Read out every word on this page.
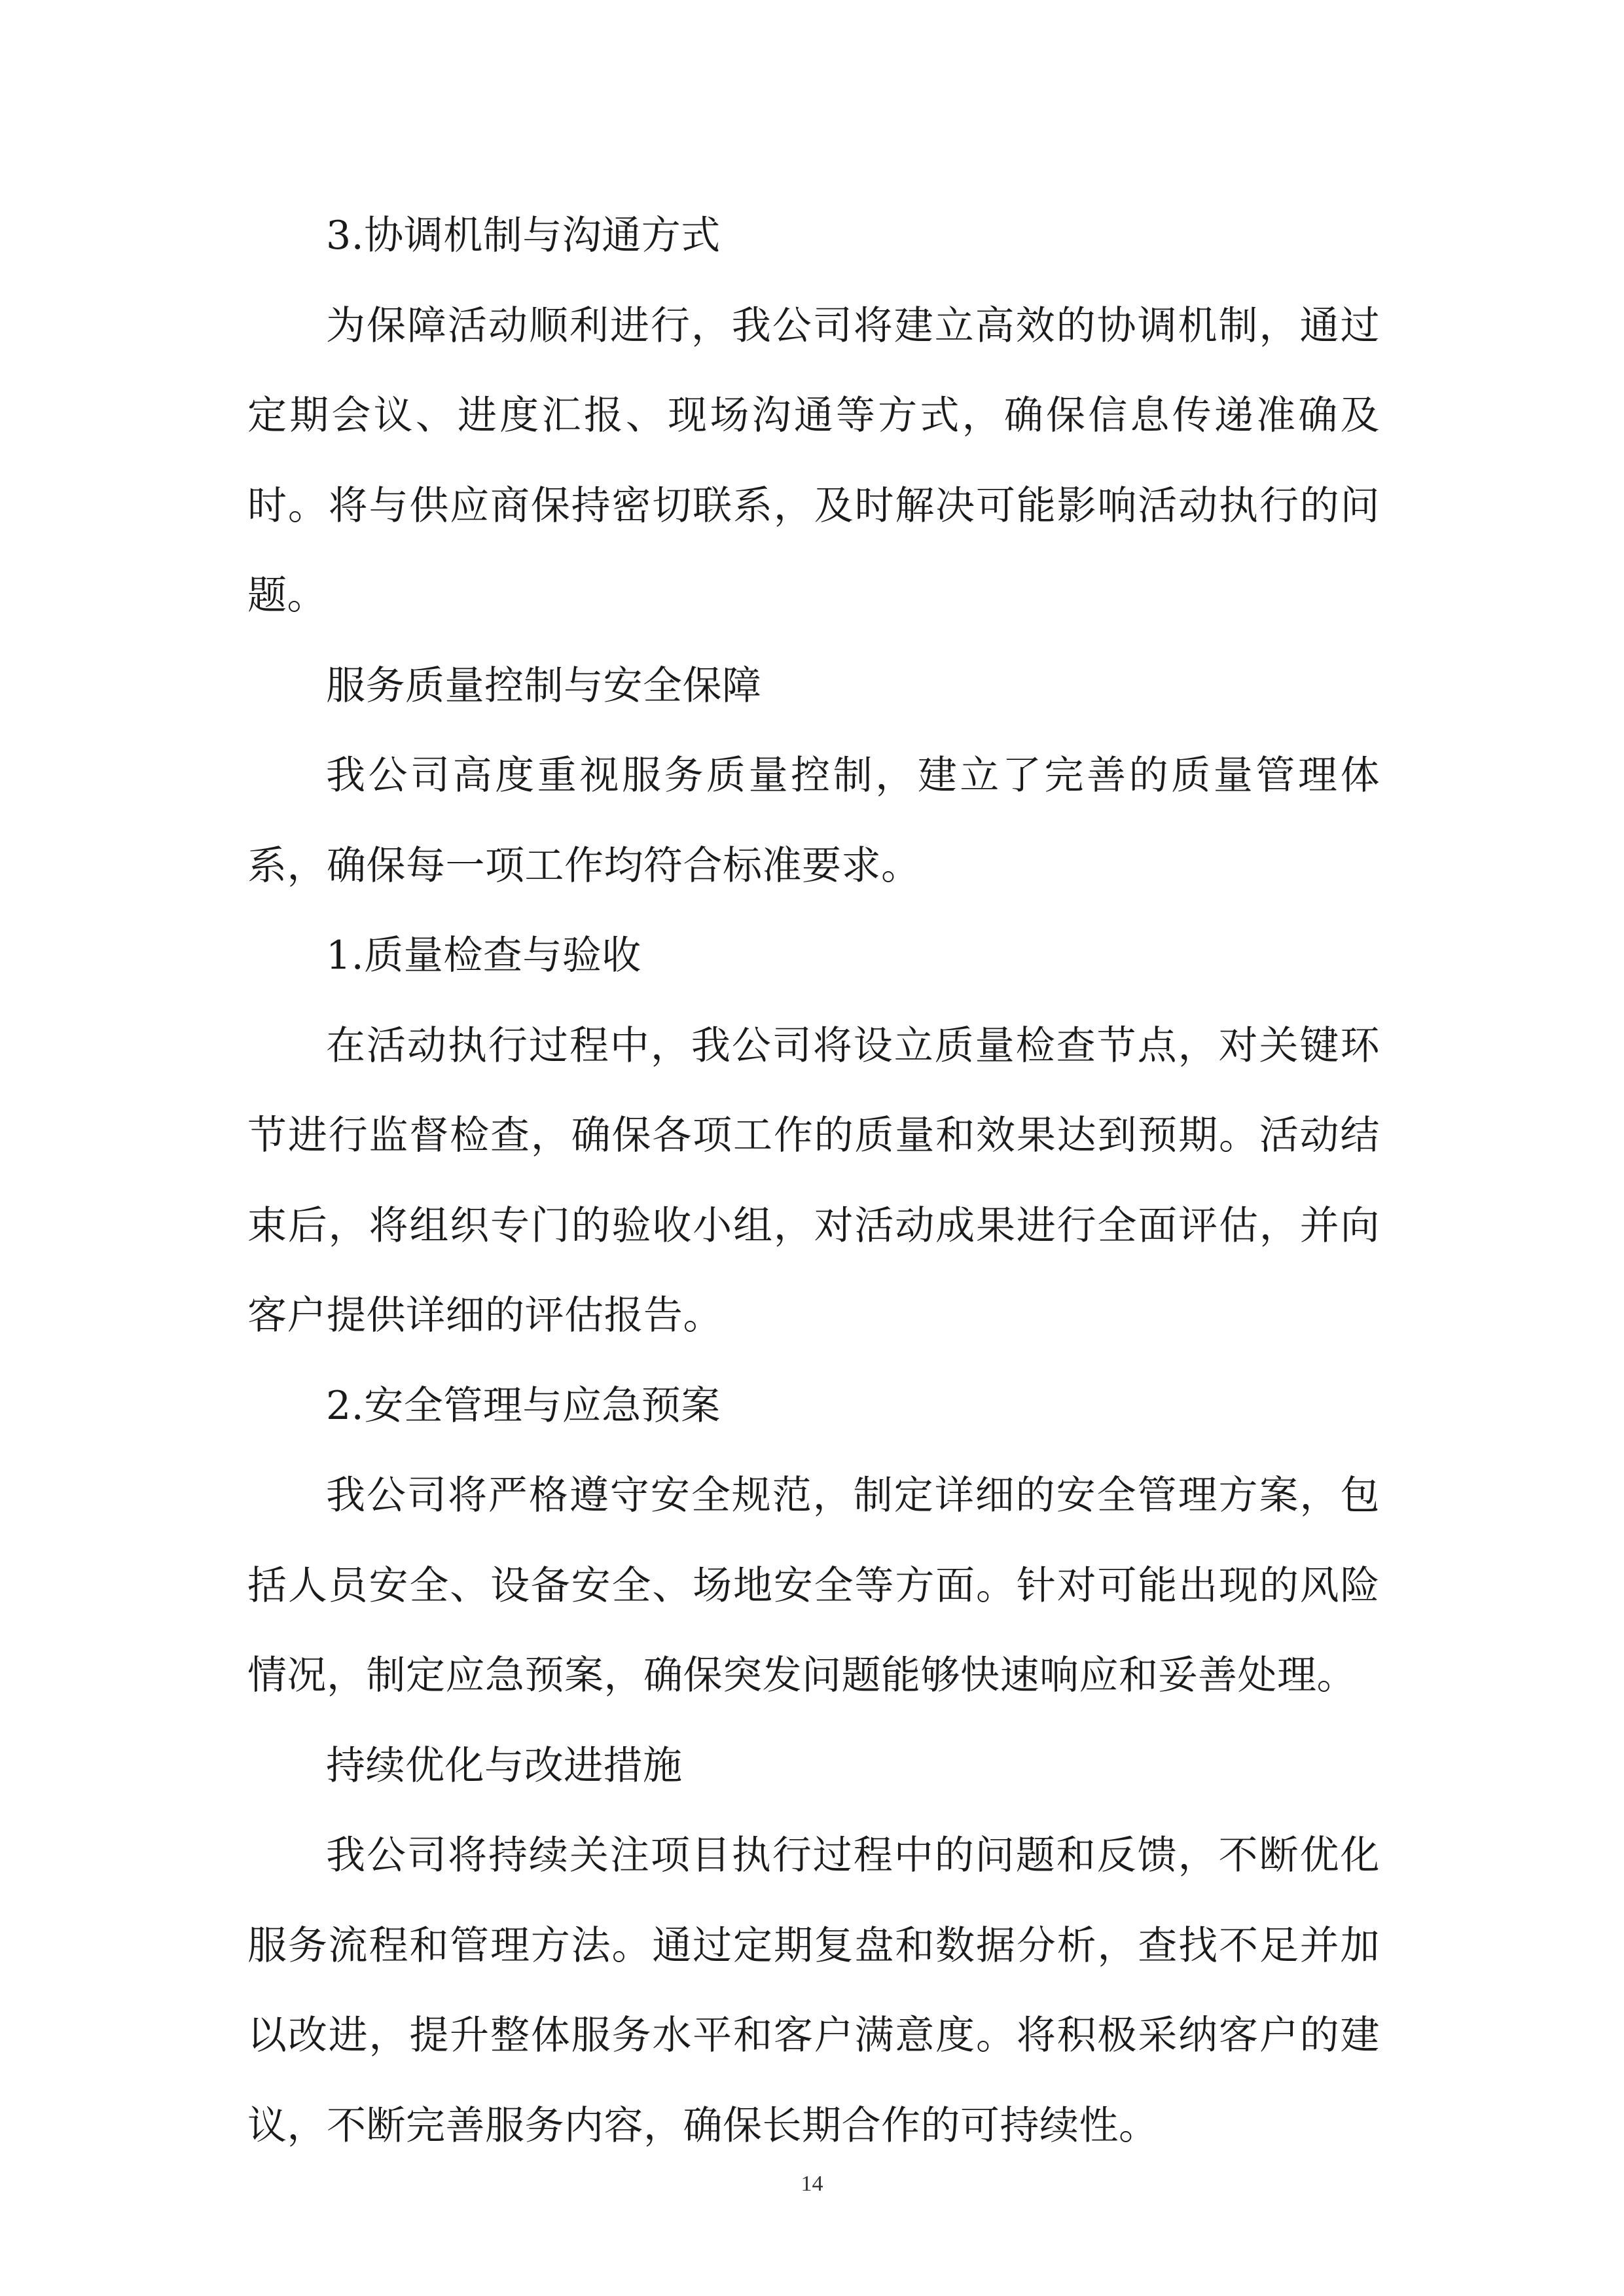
3.协调机制与沟通方式

为保障活动顺利进行，我公司将建立高效的协调机制，通过定期会议、进度汇报、现场沟通等方式，确保信息传递准确及时。将与供应商保持密切联系，及时解决可能影响活动执行的问题。

服务质量控制与安全保障

我公司高度重视服务质量控制，建立了完善的质量管理体系，确保每一项工作均符合标准要求。

1.质量检查与验收

在活动执行过程中，我公司将设立质量检查节点，对关键环节进行监督检查，确保各项工作的质量和效果达到预期。活动结束后，将组织专门的验收小组，对活动成果进行全面评估，并向客户提供详细的评估报告。

2.安全管理与应急预案

我公司将严格遵守安全规范，制定详细的安全管理方案，包括人员安全、设备安全、场地安全等方面。针对可能出现的风险情况，制定应急预案，确保突发问题能够快速响应和妥善处理。

持续优化与改进措施

我公司将持续关注项目执行过程中的问题和反馈，不断优化服务流程和管理方法。通过定期复盘和数据分析，查找不足并加以改进，提升整体服务水平和客户满意度。将积极采纳客户的建议，不断完善服务内容，确保长期合作的可持续性。

14
